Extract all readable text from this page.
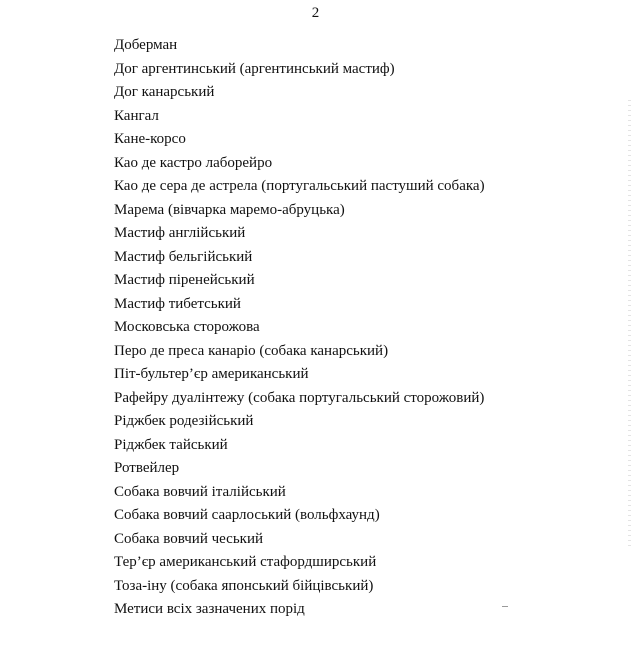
2
Доберман
Дог аргентинський (аргентинський мастиф)
Дог канарський
Кангал
Кане-корсо
Као де кастро лаборейро
Као де сера де астрела (португальський пастуший собака)
Марема (вівчарка маремо-абруцька)
Мастиф англійський
Мастиф бельгійський
Мастиф піренейський
Мастиф тибетський
Московська сторожова
Перо де преса канаріо (собака канарський)
Піт-бультер’єр американський
Рафейру дуалінтежу (собака португальський сторожовий)
Ріджбек родезійський
Ріджбек тайський
Ротвейлер
Собака вовчий італійський
Собака вовчий саарлоський (вольфхаунд)
Собака вовчий чеський
Тер’єр американський стафордширський
Тоза-іну (собака японський бійцівський)
Метиси всіх зазначених порід
